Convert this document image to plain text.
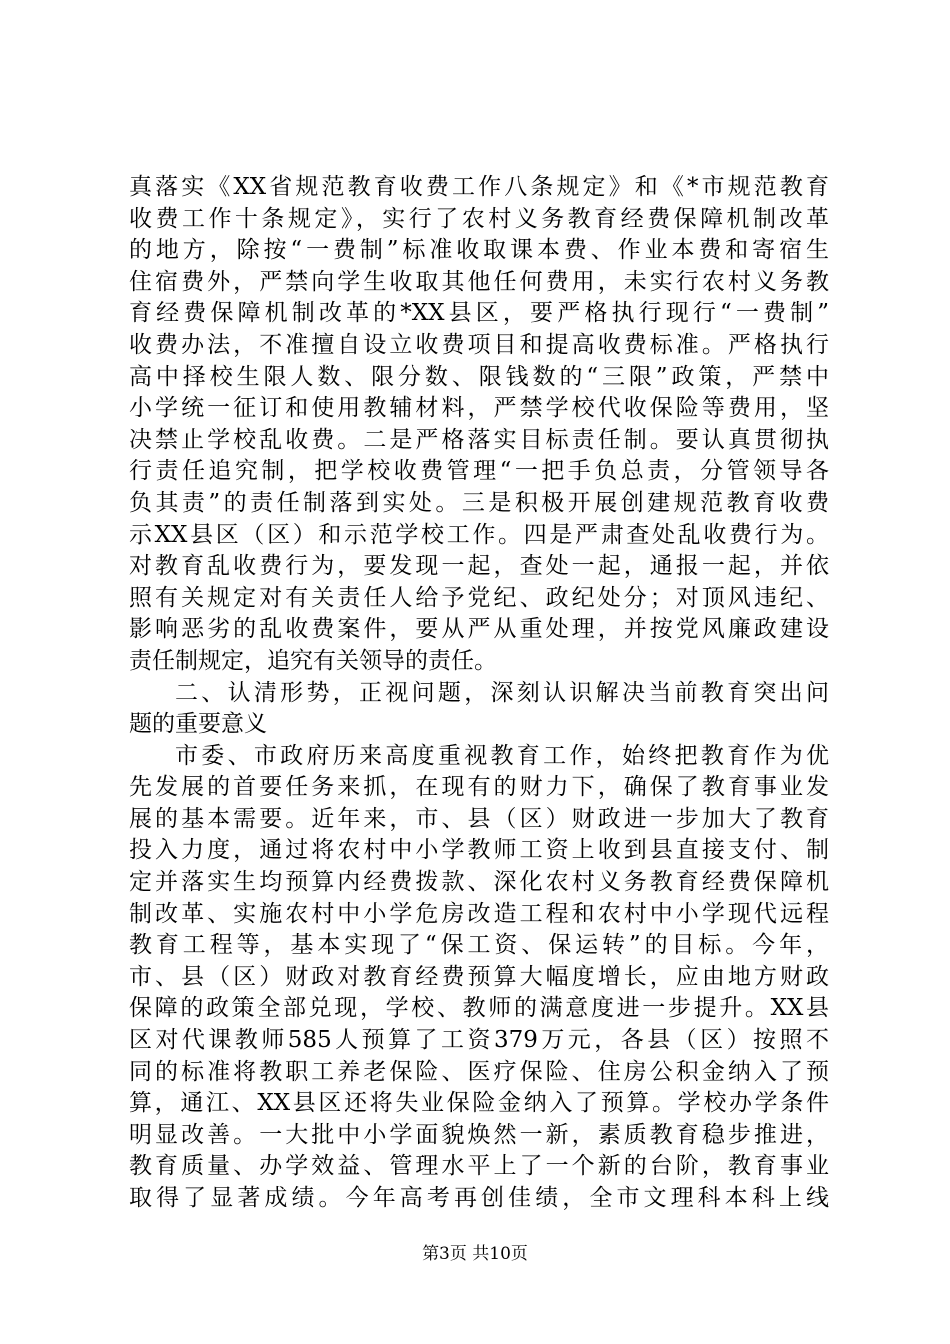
真落实《XX省规范教育收费工作八条规定》和《*市规范教育
收费工作十条规定》，实行了农村义务教育经费保障机制改革
的地方，除按“一费制”标准收取课本费、作业本费和寄宿生
住宿费外，严禁向学生收取其他任何费用，未实行农村义务教
育经费保障机制改革的*XX县区，要严格执行现行“一费制”
收费办法，不准擅自设立收费项目和提高收费标准。严格执行
高中择校生限人数、限分数、限钱数的“三限”政策，严禁中
小学统一征订和使用教辅材料，严禁学校代收保险等费用，坚
决禁止学校乱收费。二是严格落实目标责任制。要认真贯彻执
行责任追究制，把学校收费管理“一把手负总责，分管领导各
负其责”的责任制落到实处。三是积极开展创建规范教育收费
示XX县区（区）和示范学校工作。四是严肃查处乱收费行为。
对教育乱收费行为，要发现一起，查处一起，通报一起，并依
照有关规定对有关责任人给予党纪、政纪处分；对顶风违纪、
影响恶劣的乱收费案件，要从严从重处理，并按党风廉政建设
责任制规定，追究有关领导的责任。
二、认清形势，正视问题，深刻认识解决当前教育突出问
题的重要意义
市委、市政府历来高度重视教育工作，始终把教育作为优
先发展的首要任务来抓，在现有的财力下，确保了教育事业发
展的基本需要。近年来，市、县（区）财政进一步加大了教育
投入力度，通过将农村中小学教师工资上收到县直接支付、制
定并落实生均预算内经费拨款、深化农村义务教育经费保障机
制改革、实施农村中小学危房改造工程和农村中小学现代远程
教育工程等，基本实现了“保工资、保运转”的目标。今年，
市、县（区）财政对教育经费预算大幅度增长，应由地方财政
保障的政策全部兑现，学校、教师的满意度进一步提升。XX县
区对代课教师585人预算了工资379万元，各县（区）按照不
同的标准将教职工养老保险、医疗保险、住房公积金纳入了预
算，通江、XX县区还将失业保险金纳入了预算。学校办学条件
明显改善。一大批中小学面貌焕然一新，素质教育稳步推进，
教育质量、办学效益、管理水平上了一个新的台阶，教育事业
取得了显著成绩。今年高考再创佳绩，全市文理科本科上线
第3页 共10页
